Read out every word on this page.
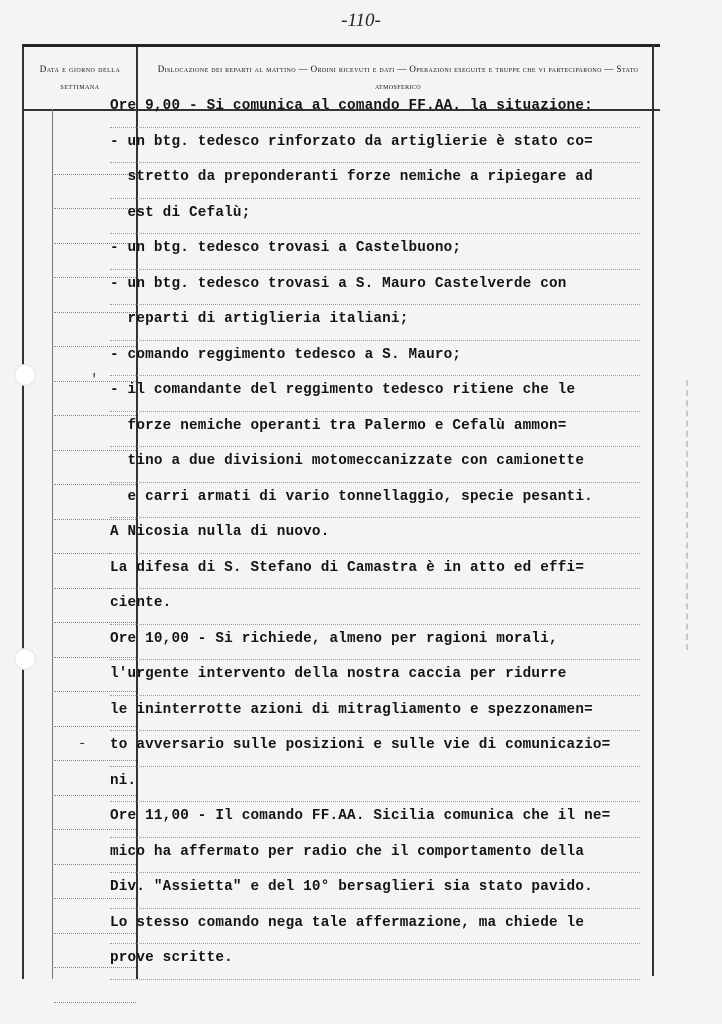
-110-
Data e giorno della settimana
Dislocazione dei reparti al mattino — Ordini ricevuti e dati — Operazioni eseguite e truppe che vi parteciparono — Stato atmosferico
Ore 9,00 - Si comunica al comando FF.AA. la situazione:
- un btg. tedesco rinforzato da artiglierie è stato co=
stretto da preponderanti forze nemiche a ripiegare ad
est di Cefalù;
- un btg. tedesco trovasi a Castelbuono;
- un btg. tedesco trovasi a S. Mauro Castelverde con
reparti di artiglieria italiani;
- comando reggimento tedesco a S. Mauro;
- il comandante del reggimento tedesco ritiene che le
forze nemiche operanti tra Palermo e Cefalù ammon=
tino a due divisioni motomeccanizzate con camionette
e carri armati di vario tonnellaggio, specie pesanti.
A Nicosia nulla di nuovo.
La difesa di S. Stefano di Camastra è in atto ed effi=
ciente.
Ore 10,00 - Si richiede, almeno per ragioni morali,
l'urgente intervento della nostra caccia per ridurre
le ininterrotte azioni di mitragliamento e spezzonamen=
to avversario sulle posizioni e sulle vie di comunicazio=
ni.
Ore 11,00 - Il comando FF.AA. Sicilia comunica che il ne=
mico ha affermato per radio che il comportamento della
Div. "Assietta" e del 10° bersaglieri sia stato pavido.
Lo stesso comando nega tale affermazione, ma chiede le
prove scritte.
'
-
